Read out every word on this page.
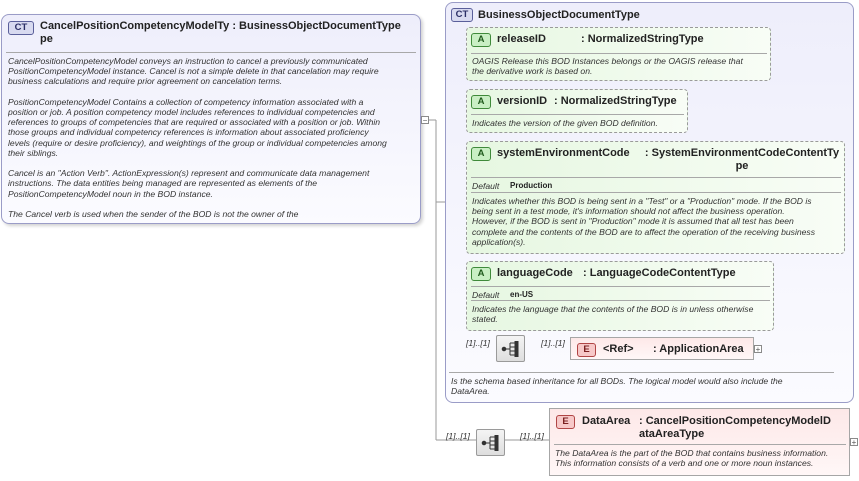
CT	CancelPositionCompetencyModelTy : BusinessObjectDocumentType
pe
CancelPositionCompetencyModel conveys an instruction to cancel a previously communicated
PositionCompetencyModel instance. Cancel is not a simple delete in that cancelation may require
business calculations and require prior agreement on cancelation terms.

PositionCompetencyModel Contains a collection of competency information associated with a
position or job. A position competency model includes references to individual competencies and
references to groups of competencies that are required or associated with a position or job. Within
those groups and individual competency references is information about associated proficiency
levels (require or desire proficiency), and weightings of the group or individual competencies among
their siblings.

Cancel is an "Action Verb". ActionExpression(s) represent and communicate data management
instructions. The data entities being managed are represented as elements of the
PositionCompetencyModel noun in the BOD instance.

The Cancel verb is used when the sender of the BOD is not the owner of the
−
CT BusinessObjectDocumentType
A	releaseID	: NormalizedStringType
OAGIS Release this BOD Instances belongs or the OAGIS release that
the derivative work is based on.
A	versionID : NormalizedStringType
Indicates the version of the given BOD definition.
A	systemEnvironmentCode	: SystemEnvironmentCodeContentTy
pe
Default Production
Indicates whether this BOD is being sent in a "Test" or a "Production" mode. If the BOD is
being sent in a test mode, it's information should not affect the business operation.
However, if the BOD is sent in "Production" mode it is assumed that all test has been
complete and the contents of the BOD are to affect the operation of the receiving business
application(s).
A	languageCode : LanguageCodeContentType
Default en-US
Indicates the language that the contents of the BOD is in unless otherwise
stated.
[1]..[1]	[1]..[1]
E	<Ref> : ApplicationArea +
Is the schema based inheritance for all BODs. The logical model would also include the
DataArea.
[1]..[1]	[1]..[1]
E	DataArea : CancelPositionCompetencyModelD
ataAreaType
The DataArea is the part of the BOD that contains business information.
This information consists of a verb and one or more noun instances.
+
